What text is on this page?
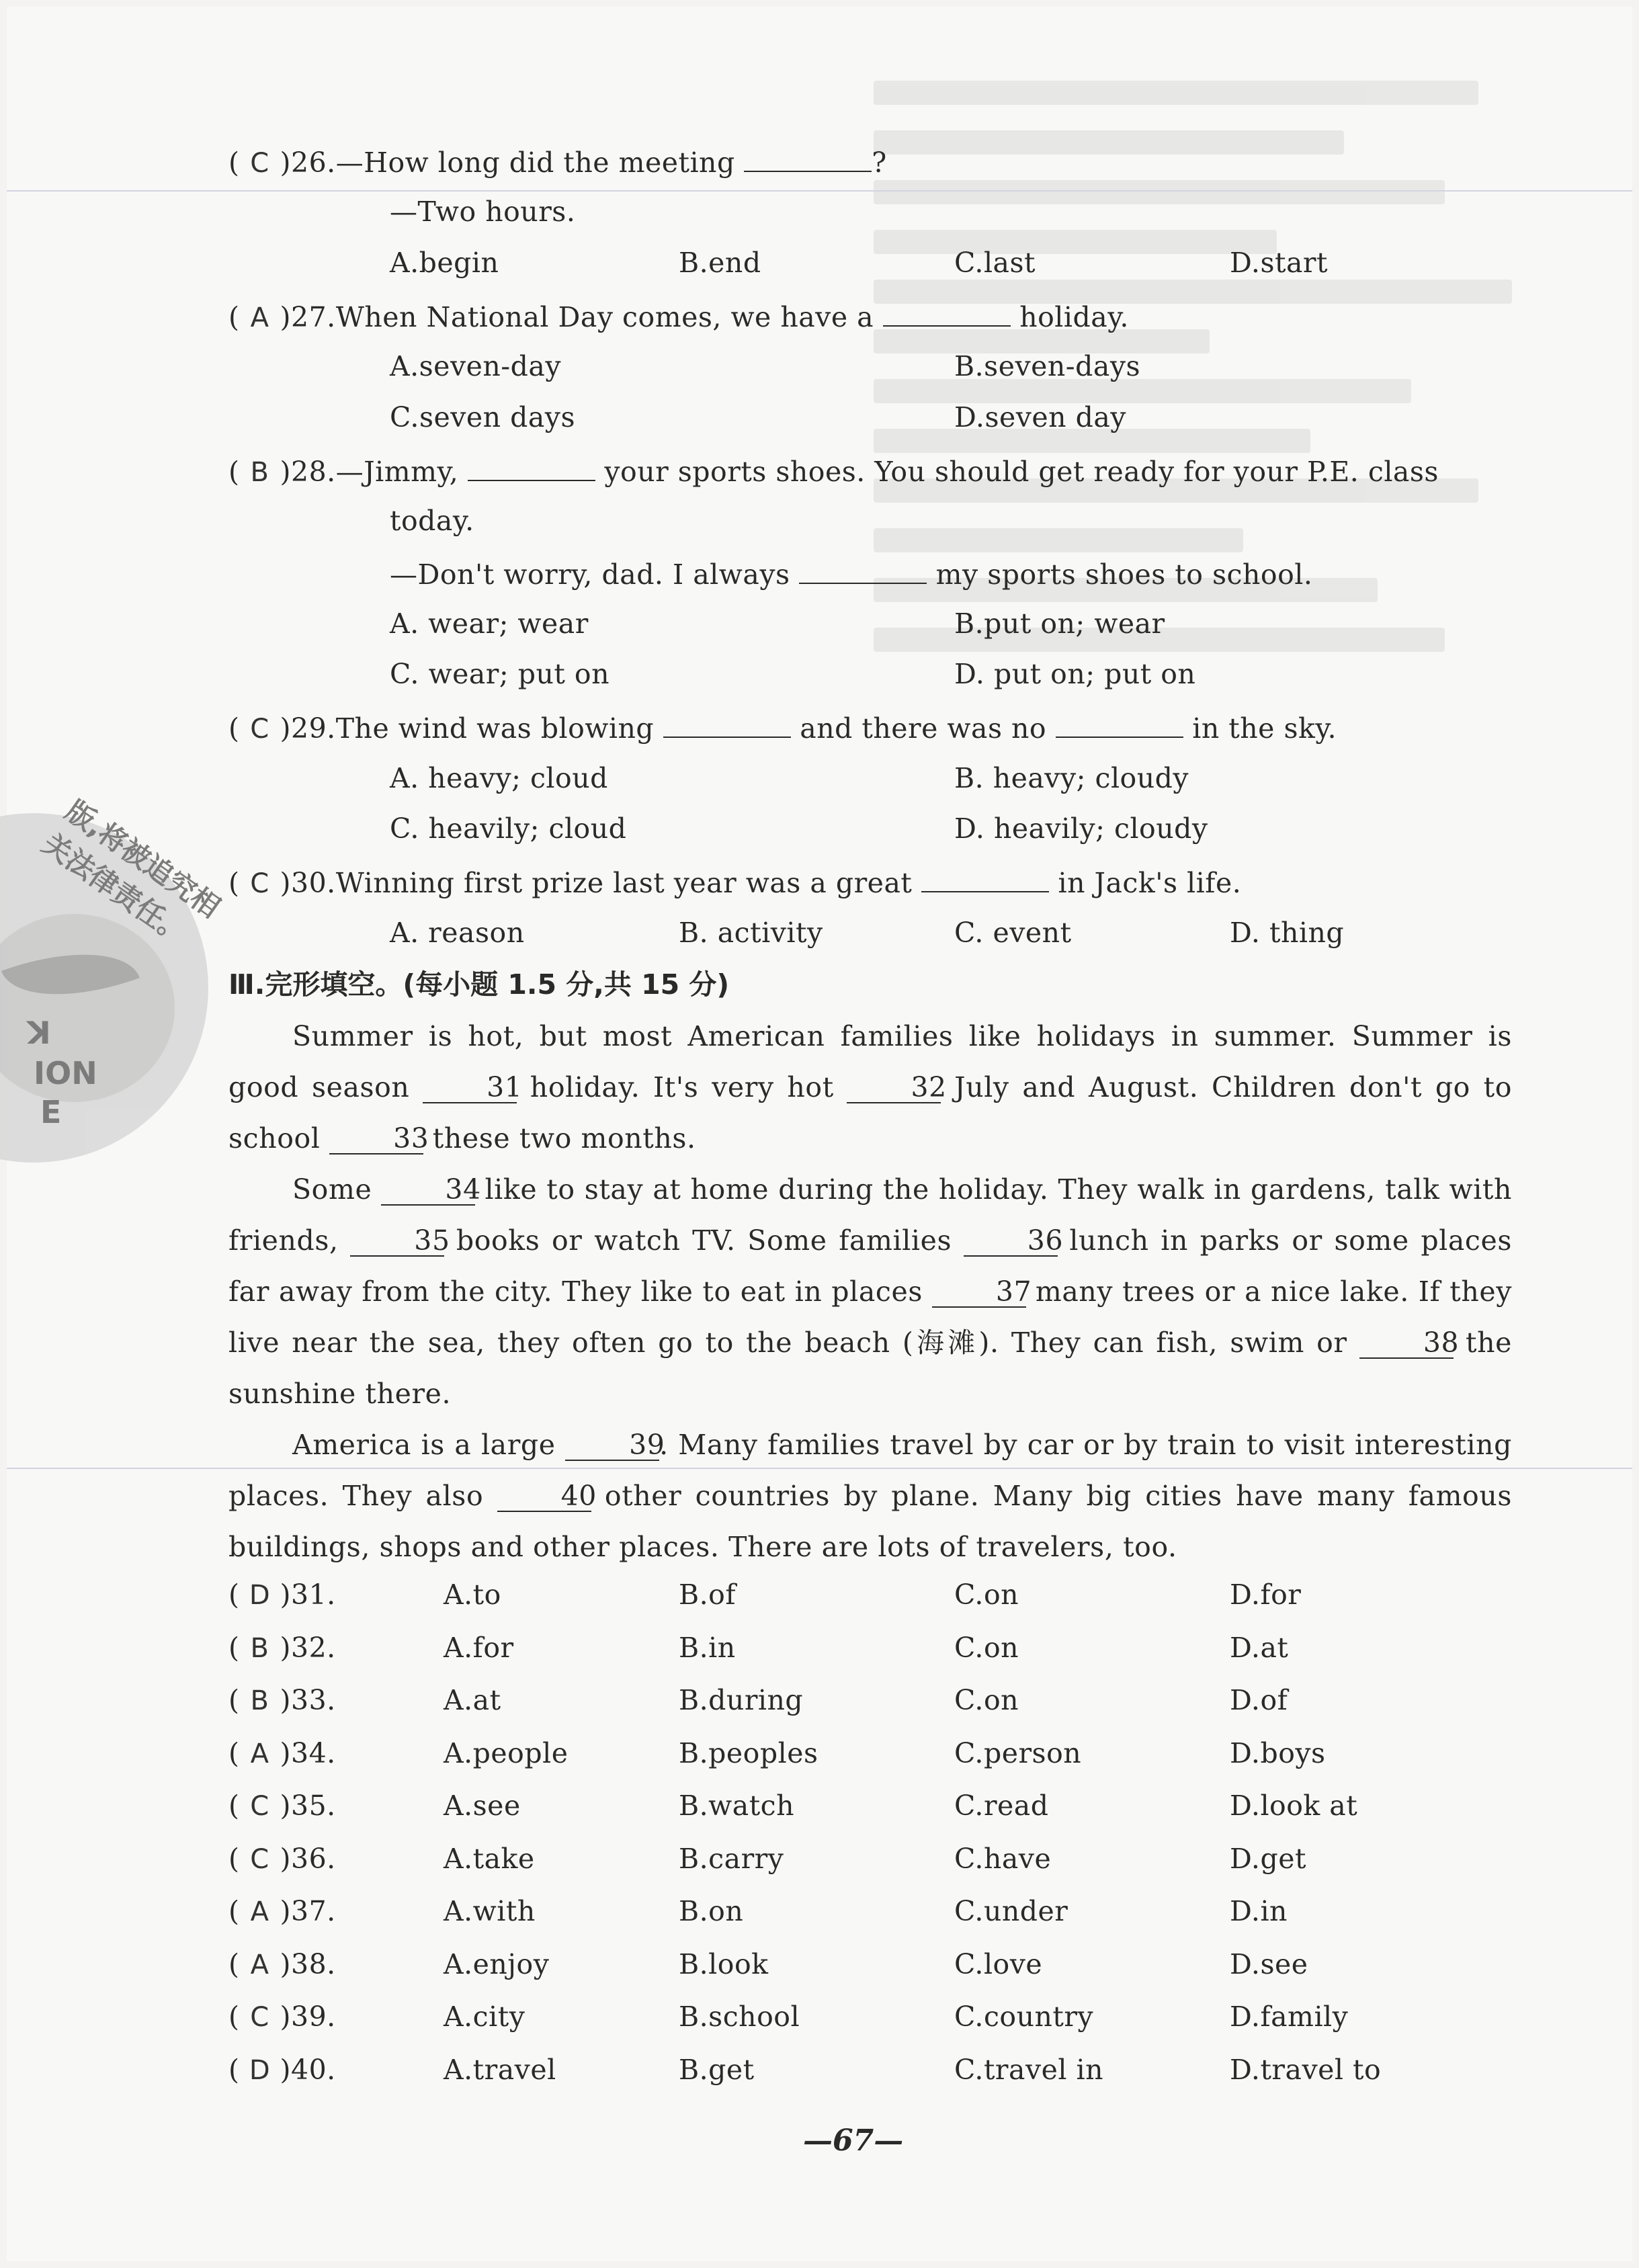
版,将被追究相关法律责任。
ꓘ
ION
E
( C )26.—How long did the meeting	?
—Two hours.
A.begin	B.end	C.last	D.start
( A )27.When National Day comes, we have a	holiday.
A.seven-day	B.seven-days
C.seven days	D.seven day
( B )28.—Jimmy,	your sports shoes. You should get ready for your P.E. class
today.
—Don't worry, dad. I always	my sports shoes to school.
A. wear; wear	B.put on; wear
C. wear; put on	D. put on; put on
( C )29.The wind was blowing	and there was no	in the sky.
A. heavy; cloud	B. heavy; cloudy
C. heavily; cloud	D. heavily; cloudy
( C )30.Winning first prize last year was a great	in Jack's life.
A. reason	B. activity	C. event	D. thing
Ⅲ.完形填空。(每小题 1.5 分,共 15 分)
Summer is hot, but most American families like holidays in summer. Summer is good season 31 holiday. It's very hot 32 July and August. Children don't go to school 33 these two months.
Some 34 like to stay at home during the holiday. They walk in gardens, talk with friends, 35 books or watch TV. Some families 36 lunch in parks or some places far away from the city. They like to eat in places 37 many trees or a nice lake. If they live near the sea, they often go to the beach (海滩). They can fish, swim or 38 the sunshine there.
America is a large 39. Many families travel by car or by train to visit interesting places. They also 40 other countries by plane. Many big cities have many famous buildings, shops and other places. There are lots of travelers, too.
( D )31.	A.to	B.of	C.on	D.for
( B )32.	A.for	B.in	C.on	D.at
( B )33.	A.at	B.during	C.on	D.of
( A )34.	A.people	B.peoples	C.person	D.boys
( C )35.	A.see	B.watch	C.read	D.look at
( C )36.	A.take	B.carry	C.have	D.get
( A )37.	A.with	B.on	C.under	D.in
( A )38.	A.enjoy	B.look	C.love	D.see
( C )39.	A.city	B.school	C.country	D.family
( D )40.	A.travel	B.get	C.travel in	D.travel to
—67—
